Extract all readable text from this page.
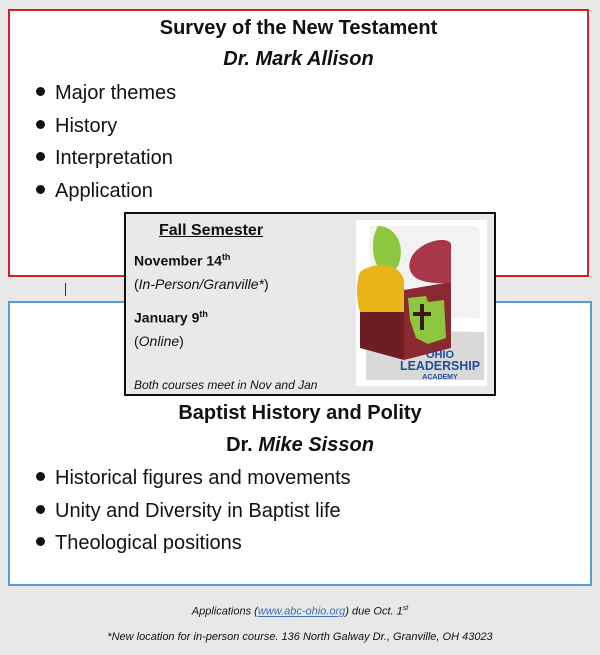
Survey of the New Testament
Dr. Mark Allison
Major themes
History
Interpretation
Application
Baptist History and Polity
Dr. Mike Sisson
Historical figures and movements
Unity and Diversity in Baptist life
Theological positions
Fall Semester
November 14th
(In-Person/Granville*)
January 9th
(Online)
Both courses meet in Nov and Jan
OHIO
LEADERSHIP
ACADEMY
Applications (www.abc-ohio.org) due Oct. 1st
*New location for in-person course. 136 North Galway Dr., Granville, OH 43023
